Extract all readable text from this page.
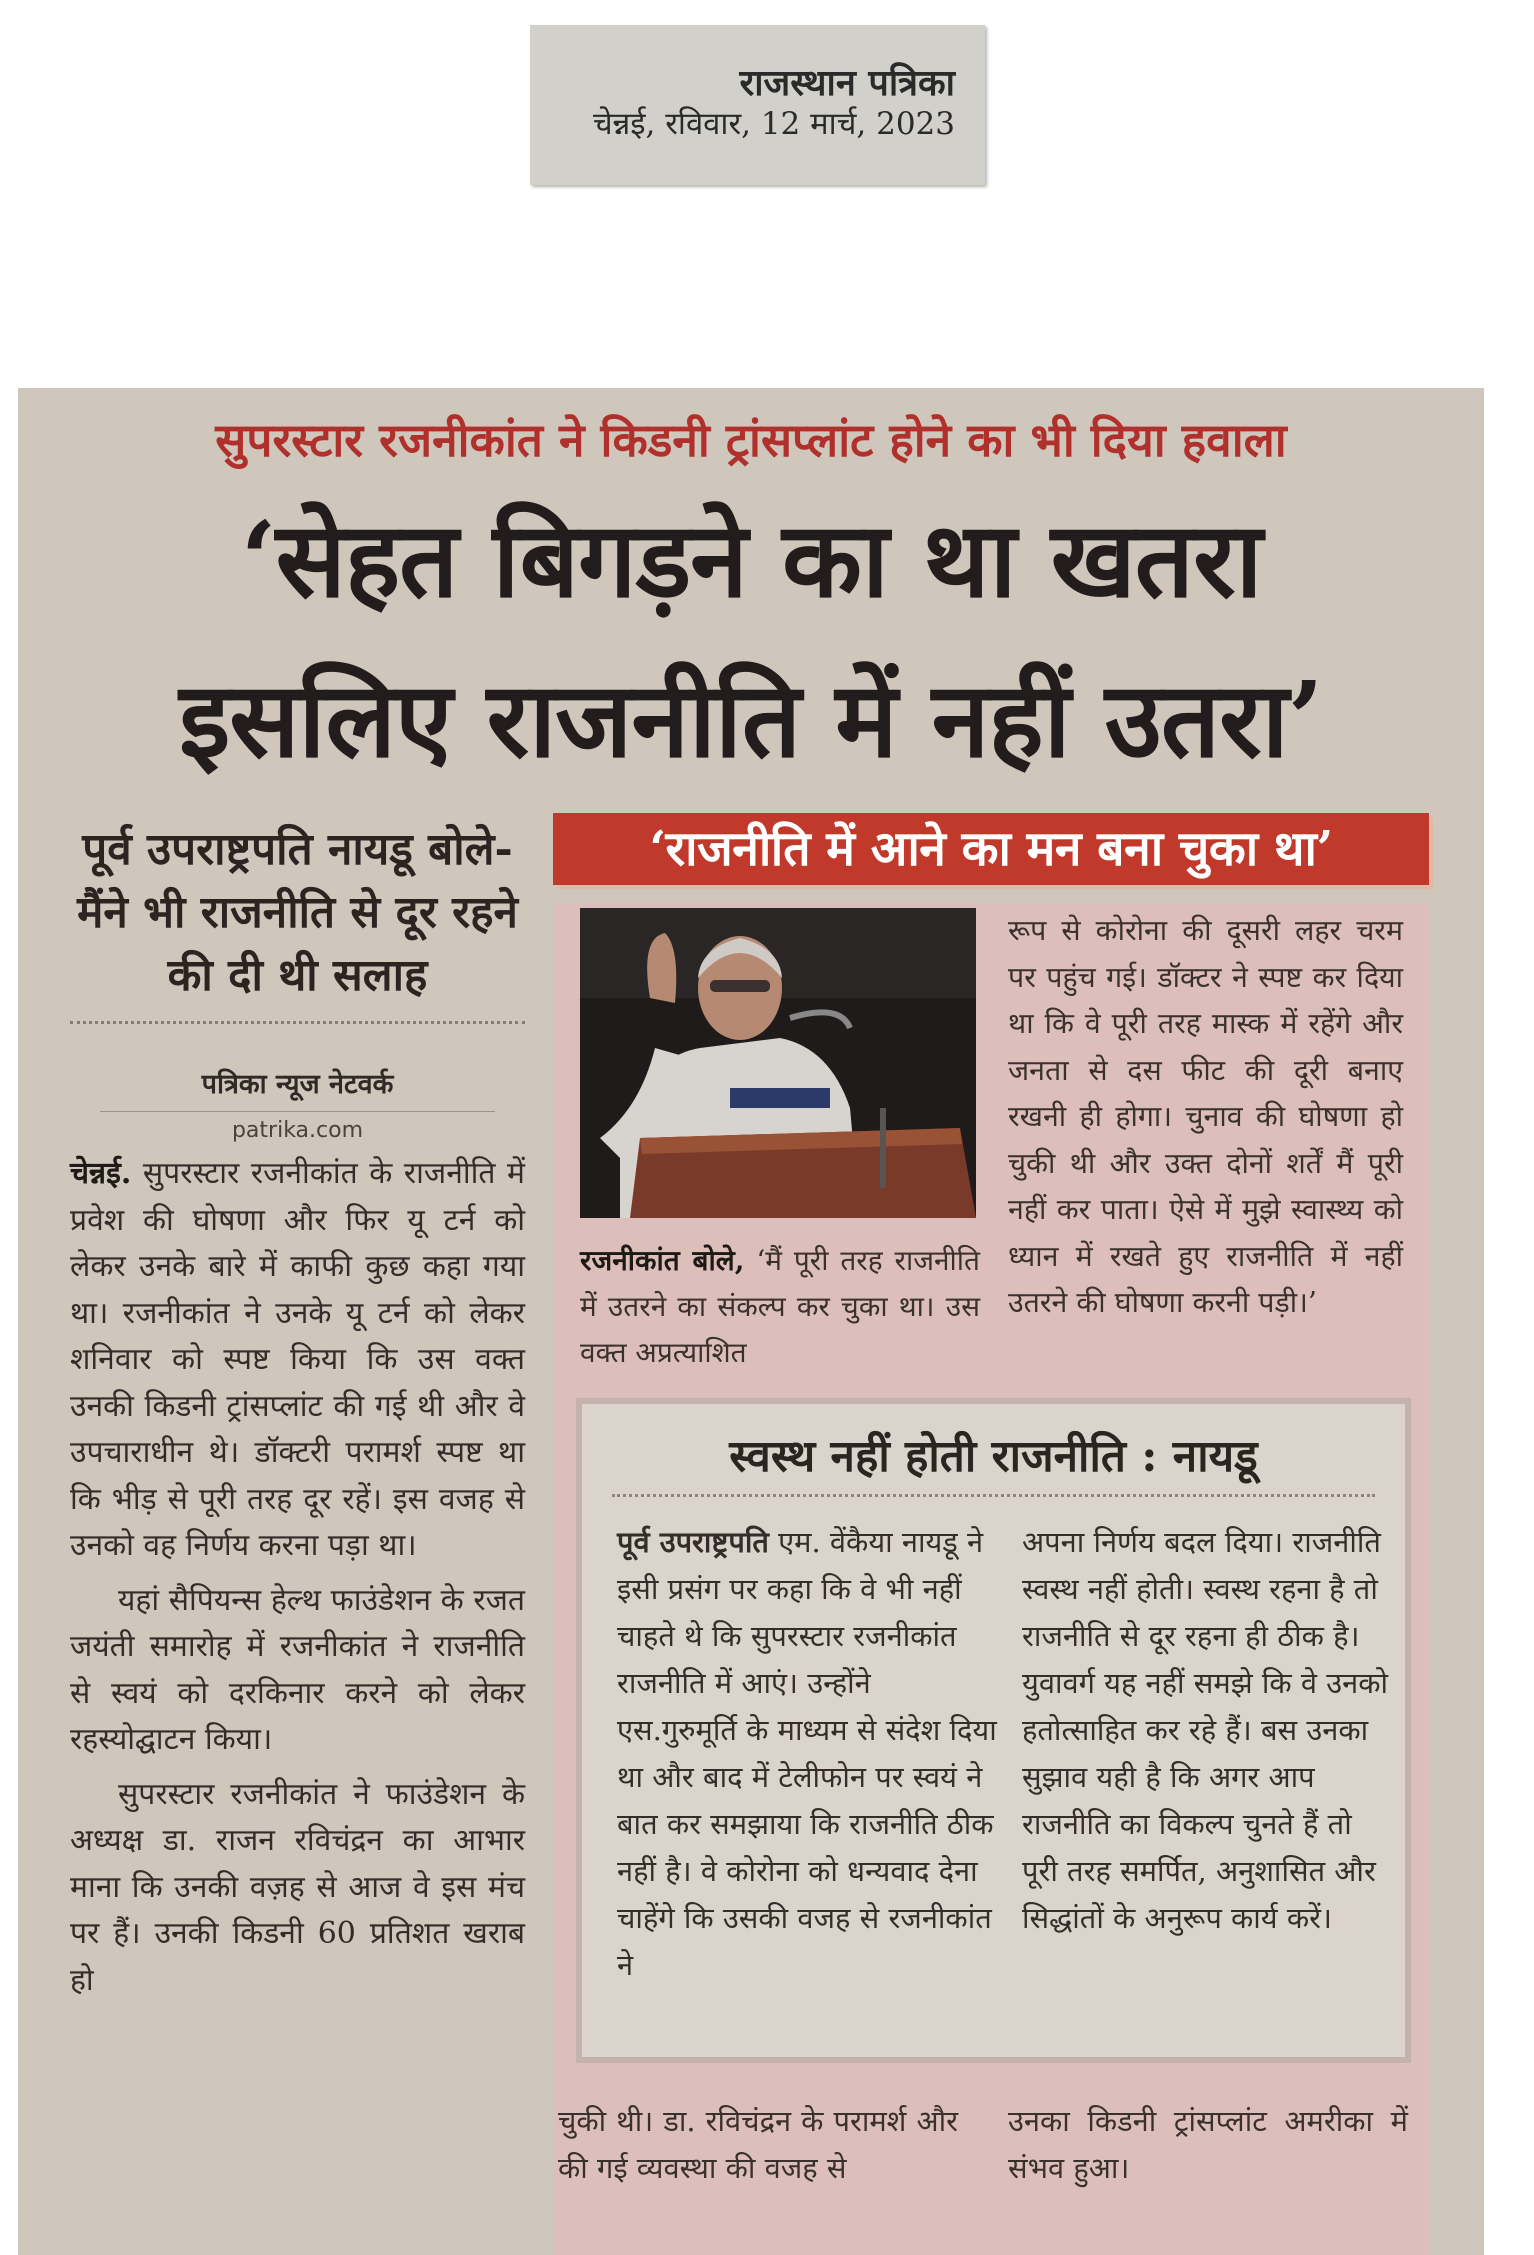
राजस्थान पत्रिका
चेन्नई, रविवार, 12 मार्च, 2023
सुपरस्टार रजनीकांत ने किडनी ट्रांसप्लांट होने का भी दिया हवाला
‘सेहत बिगड़ने का था खतरा
इसलिए राजनीति में नहीं उतरा’
पूर्व उपराष्ट्रपति नायडू बोले-मैंने भी राजनीति से दूर रहने की दी थी सलाह
पत्रिका न्यूज नेटवर्क
patrika.com

चेन्नई. सुपरस्टार रजनीकांत के राजनीति में प्रवेश की घोषणा और फिर यू टर्न को लेकर उनके बारे में काफी कुछ कहा गया था। रजनीकांत ने उनके यू टर्न को लेकर शनिवार को स्पष्ट किया कि उस वक्त उनकी किडनी ट्रांसप्लांट की गई थी और वे उपचाराधीन थे। डॉक्टरी परामर्श स्पष्ट था कि भीड़ से पूरी तरह दूर रहें। इस वजह से उनको वह निर्णय करना पड़ा था।

यहां सैपियन्स हेल्थ फाउंडेशन के रजत जयंती समारोह में रजनीकांत ने राजनीति से स्वयं को दरकिनार करने को लेकर रहस्योद्घाटन किया।

सुपरस्टार रजनीकांत ने फाउंडेशन के अध्यक्ष डा. राजन रविचंद्रन का आभार माना कि उनकी वज़ह से आज वे इस मंच पर हैं। उनकी किडनी 60 प्रतिशत खराब हो

‘राजनीति में आने का मन बना चुका था’
रजनीकांत बोले, ‘मैं पूरी तरह राजनीति में उतरने का संकल्प कर चुका था। उस वक्त अप्रत्याशित
रूप से कोरोना की दूसरी लहर चरम पर पहुंच गई। डॉक्टर ने स्पष्ट कर दिया था कि वे पूरी तरह मास्क में रहेंगे और जनता से दस फीट की दूरी बनाए रखनी ही होगा। चुनाव की घोषणा हो चुकी थी और उक्त दोनों शर्तें मैं पूरी नहीं कर पाता। ऐसे में मुझे स्वास्थ्य को ध्यान में रखते हुए राजनीति में नहीं उतरने की घोषणा करनी पड़ी।’
स्वस्थ नहीं होती राजनीति : नायडू
पूर्व उपराष्ट्रपति एम. वेंकैया नायडू ने इसी प्रसंग पर कहा कि वे भी नहीं चाहते थे कि सुपरस्टार रजनीकांत राजनीति में आएं। उन्होंने एस.गुरुमूर्ति के माध्यम से संदेश दिया था और बाद में टेलीफोन पर स्वयं ने बात कर समझाया कि राजनीति ठीक नहीं है। वे कोरोना को धन्यवाद देना चाहेंगे कि उसकी वजह से रजनीकांत ने
अपना निर्णय बदल दिया। राजनीति स्वस्थ नहीं होती। स्वस्थ रहना है तो राजनीति से दूर रहना ही ठीक है। युवावर्ग यह नहीं समझे कि वे उनको हतोत्साहित कर रहे हैं। बस उनका सुझाव यही है कि अगर आप राजनीति का विकल्प चुनते हैं तो पूरी तरह समर्पित, अनुशासित और सिद्धांतों के अनुरूप कार्य करें।
चुकी थी। डा. रविचंद्रन के परामर्श और की गई व्यवस्था की वजह से
उनका किडनी ट्रांसप्लांट अमरीका में संभव हुआ।
